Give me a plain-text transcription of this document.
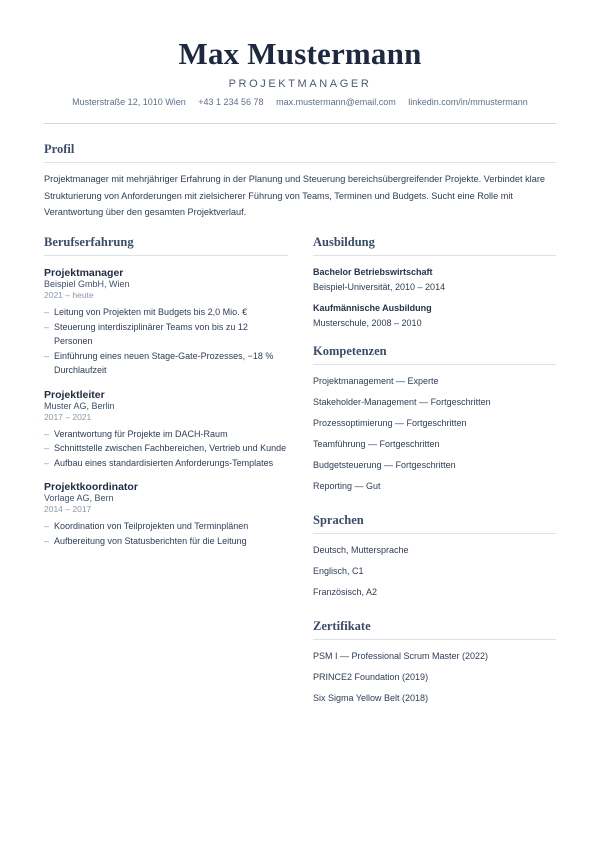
Max Mustermann
PROJEKTMANAGER
Musterstraße 12, 1010 Wien +43 1 234 56 78 max.mustermann@email.com linkedin.com/in/mmustermann
Profil

Projektmanager mit mehrjähriger Erfahrung in der Planung und Steuerung bereichsübergreifender Projekte. Verbindet klare Strukturierung von Anforderungen mit zielsicherer Führung von Teams, Terminen und Budgets. Sucht eine Rolle mit Verantwortung über den gesamten Projektverlauf.

Berufserfahrung

Projektmanager

Beispiel GmbH, Wien

2021 – heute

– Leitung von Projekten mit Budgets bis 2,0 Mio. €
– Steuerung interdisziplinärer Teams von bis zu 12 Personen
– Einführung eines neuen Stage-Gate-Prozesses, −18 % Durchlaufzeit

Projektleiter

Muster AG, Berlin

2017 – 2021

– Verantwortung für Projekte im DACH-Raum
– Schnittstelle zwischen Fachbereichen, Vertrieb und Kunde
– Aufbau eines standardisierten Anforderungs-Templates

Projektkoordinator

Vorlage AG, Bern

2014 – 2017

– Koordination von Teilprojekten und Terminplänen
– Aufbereitung von Statusberichten für die Leitung
Ausbildung

Bachelor Betriebswirtschaft

Beispiel-Universität, 2010 – 2014

Kaufmännische Ausbildung

Musterschule, 2008 – 2010

Kompetenzen
Projektmanagement — Experte
Stakeholder-Management — Fortgeschritten
Prozessoptimierung — Fortgeschritten
Teamführung — Fortgeschritten
Budgetsteuerung — Fortgeschritten
Reporting — Gut
Sprachen
Deutsch, Muttersprache
Englisch, C1
Französisch, A2
Zertifikate
PSM I — Professional Scrum Master (2022)
PRINCE2 Foundation (2019)
Six Sigma Yellow Belt (2018)
